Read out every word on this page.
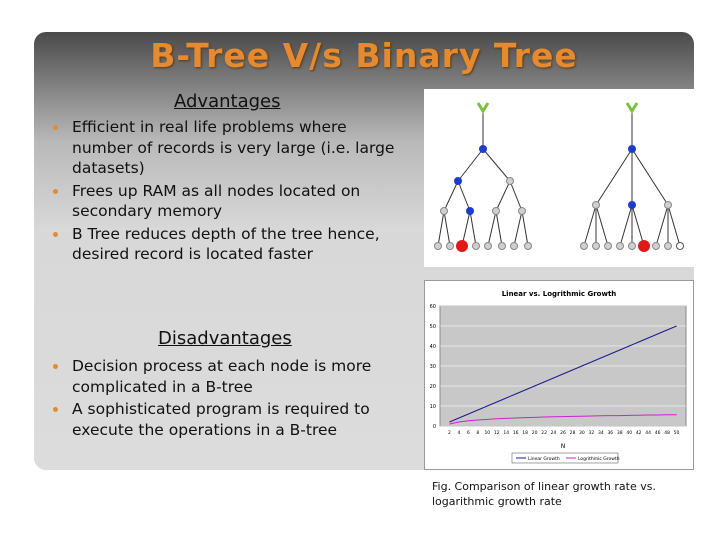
B-Tree V/s Binary Tree
Advantages
Efficient in real life problems where number of records is very large (i.e. large datasets)
Frees up RAM as all nodes located on secondary memory
B Tree reduces depth of the tree hence, desired record is located faster
Disadvantages
Decision process at each node is more complicated in a B-tree
A sophisticated program is required to execute the operations in a B-tree
Linear vs. Logrithmic Growth
0
10
20
30
40
50
60
2 4 6 8 10 12 14 16 18 20 22 24 26 28 30 32 34 36 38 40 42 44 46 48 50
N
Linear Growth	Logrithmic Growth
Fig. Comparison of linear growth rate vs. logarithmic growth rate
